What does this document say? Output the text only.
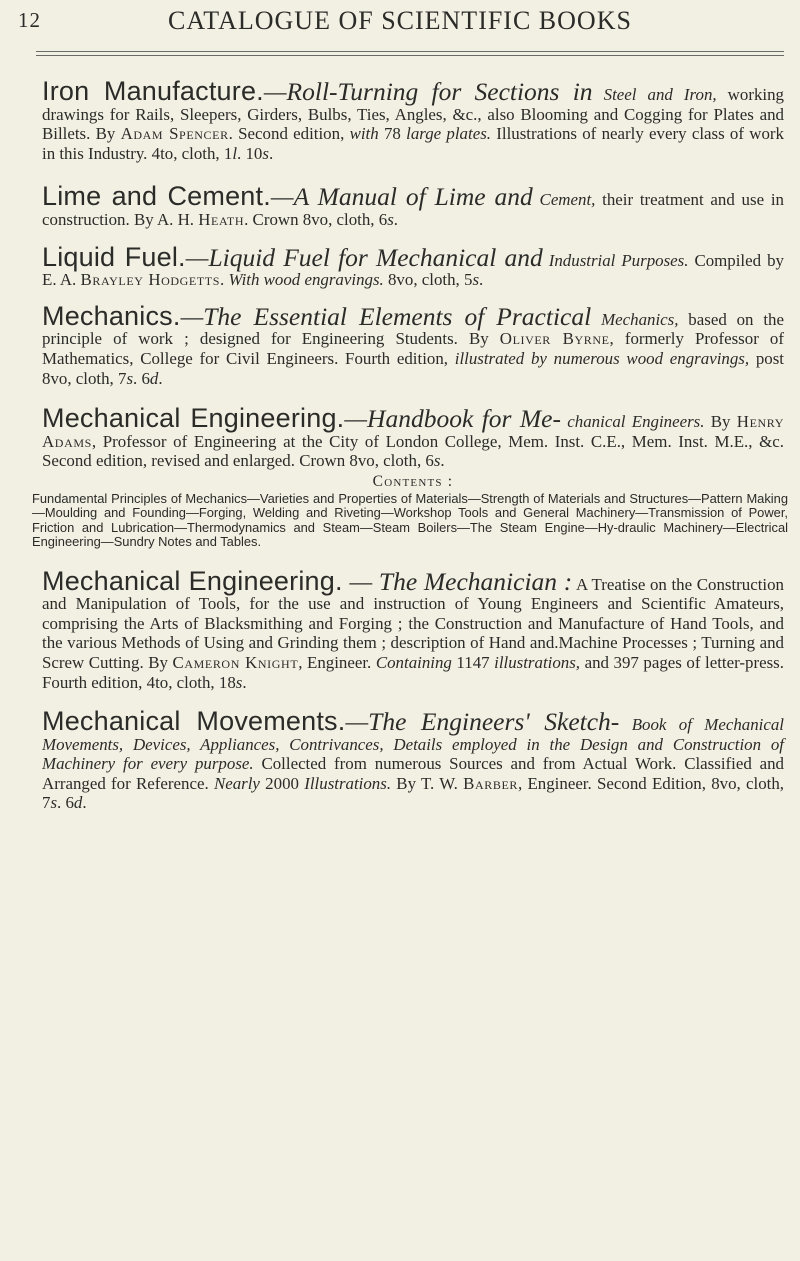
12	CATALOGUE OF SCIENTIFIC BOOKS

Iron Manufacture.—Roll-Turning for Sections in Steel and Iron, working drawings for Rails, Sleepers, Girders, Bulbs, Ties, Angles, &c., also Blooming and Cogging for Plates and Billets. By Adam Spencer. Second edition, with 78 large plates. Illustrations of nearly every class of work in this Industry. 4to, cloth, 1l. 10s.

Lime and Cement.—A Manual of Lime and Cement, their treatment and use in construction. By A. H. Heath. Crown 8vo, cloth, 6s.

Liquid Fuel.—Liquid Fuel for Mechanical and Industrial Purposes. Compiled by E. A. Brayley Hodgetts. With wood engravings. 8vo, cloth, 5s.

Mechanics.—The Essential Elements of Practical Mechanics, based on the principle of work ; designed for Engineering Students. By Oliver Byrne, formerly Professor of Mathematics, College for Civil Engineers. Fourth edition, illustrated by numerous wood engravings, post 8vo, cloth, 7s. 6d.

Mechanical Engineering.—Handbook for Me- chanical Engineers. By Henry Adams, Professor of Engineering at the City of London College, Mem. Inst. C.E., Mem. Inst. M.E., &c. Second edition, revised and enlarged. Crown 8vo, cloth, 6s.

Contents :
Fundamental Principles of Mechanics—Varieties and Properties of Materials—Strength of Materials and Structures—Pattern Making—Moulding and Founding—Forging, Welding and Riveting—Workshop Tools and General Machinery—Transmission of Power, Friction and Lubrication—Thermodynamics and Steam—Steam Boilers—The Steam Engine—Hy-draulic Machinery—Electrical Engineering—Sundry Notes and Tables.

Mechanical Engineering. — The Mechanician : A Treatise on the Construction and Manipulation of Tools, for the use and instruction of Young Engineers and Scientific Amateurs, comprising the Arts of Blacksmithing and Forging ; the Construction and Manufacture of Hand Tools, and the various Methods of Using and Grinding them ; description of Hand and.Machine Processes ; Turning and Screw Cutting. By Cameron Knight, Engineer. Containing 1147 illustrations, and 397 pages of letter-press. Fourth edition, 4to, cloth, 18s.

Mechanical Movements.—The Engineers' Sketch- Book of Mechanical Movements, Devices, Appliances, Contrivances, Details employed in the Design and Construction of Machinery for every purpose. Collected from numerous Sources and from Actual Work. Classified and Arranged for Reference. Nearly 2000 Illustrations. By T. W. Barber, Engineer. Second Edition, 8vo, cloth, 7s. 6d.
